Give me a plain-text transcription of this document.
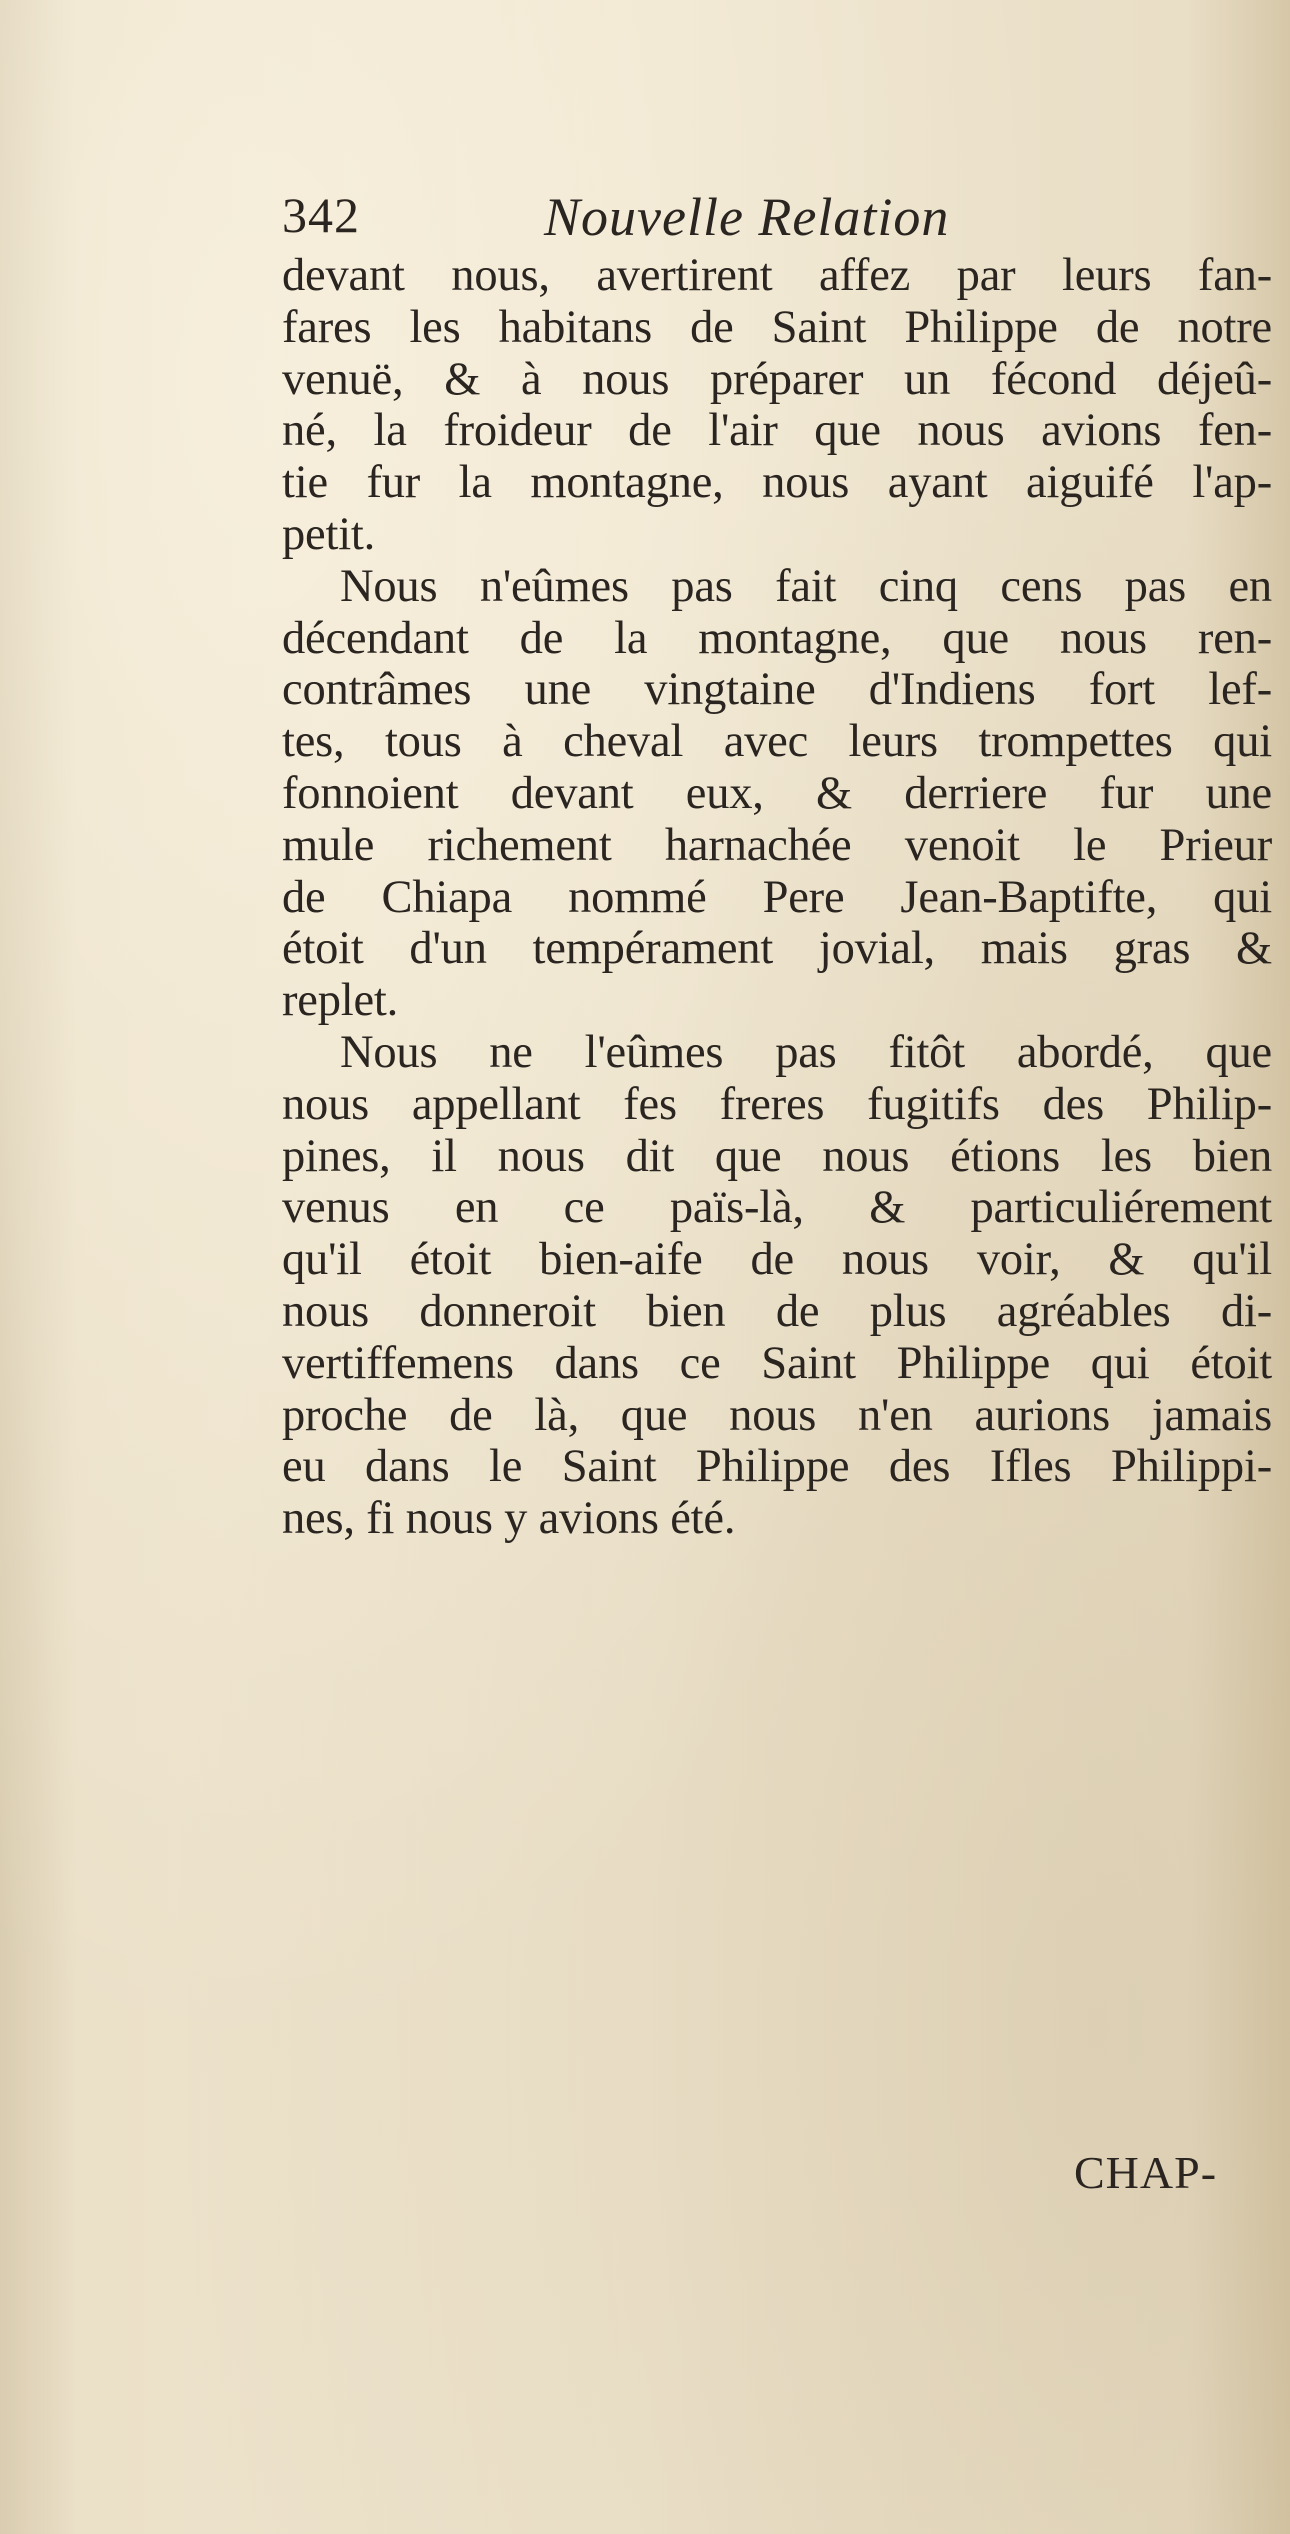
342	Nouvelle Relation
devant nous, avertirent affez par leurs fan-
fares les habitans de Saint Philippe de notre
venuë, & à nous préparer un fécond déjeû-
né, la froideur de l'air que nous avions fen-
tie fur la montagne, nous ayant aiguifé l'ap-
petit.
Nous n'eûmes pas fait cinq cens pas en
décendant de la montagne, que nous ren-
contrâmes une vingtaine d'Indiens fort lef-
tes, tous à cheval avec leurs trompettes qui
fonnoient devant eux, & derriere fur une
mule richement harnachée venoit le Prieur
de Chiapa nommé Pere Jean-Baptifte, qui
étoit d'un tempérament jovial, mais gras &
replet.
Nous ne l'eûmes pas fitôt abordé, que
nous appellant fes freres fugitifs des Philip-
pines, il nous dit que nous étions les bien
venus en ce païs-là, & particuliérement
qu'il étoit bien-aife de nous voir, & qu'il
nous donneroit bien de plus agréables di-
vertiffemens dans ce Saint Philippe qui étoit
proche de là, que nous n'en aurions jamais
eu dans le Saint Philippe des Ifles Philippi-
nes, fi nous y avions été.
CHAP-
